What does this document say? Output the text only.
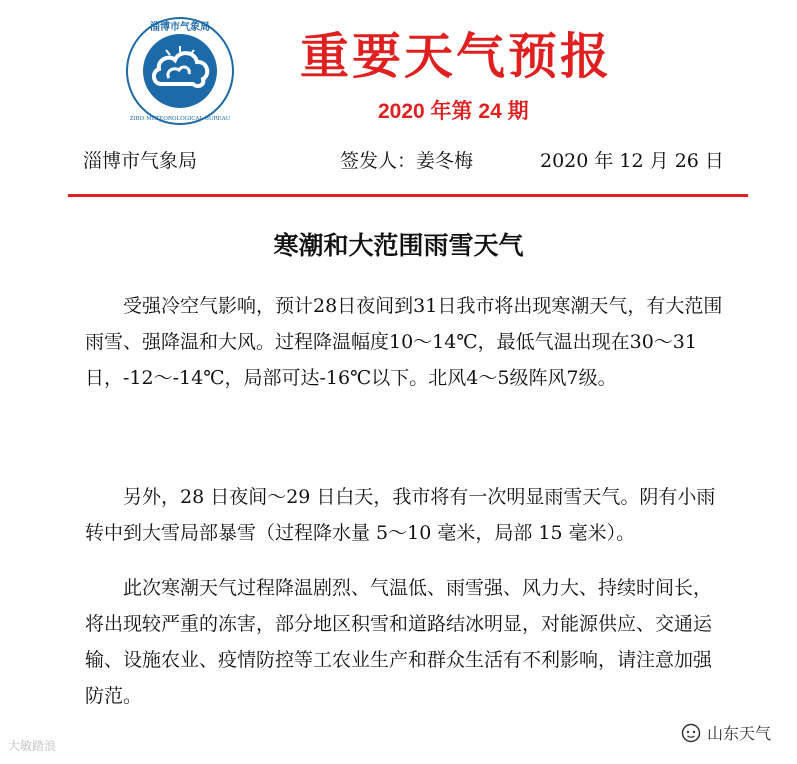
淄博市气象局
ZIBO METEOROLOGICAL BUREAU
重要天气预报
2020 年第 24 期
淄博市气象局	签发人：姜冬梅	2020 年 12 月 26 日
寒潮和大范围雨雪天气

受强冷空气影响，预计28日夜间到31日我市将出现寒潮天气，有大范围雨雪、强降温和大风。过程降温幅度10～14℃，最低气温出现在30～31日，-12～-14℃，局部可达-16℃以下。北风4～5级阵风7级。

另外，28 日夜间～29 日白天，我市将有一次明显雨雪天气。阴有小雨转中到大雪局部暴雪（过程降水量 5～10 毫米，局部 15 毫米）。

此次寒潮天气过程降温剧烈、气温低、雨雪强、风力大、持续时间长，将出现较严重的冻害，部分地区积雪和道路结冰明显，对能源供应、交通运输、设施农业、疫情防控等工农业生产和群众生活有不利影响，请注意加强防范。

山东天气
大敏踏浪
